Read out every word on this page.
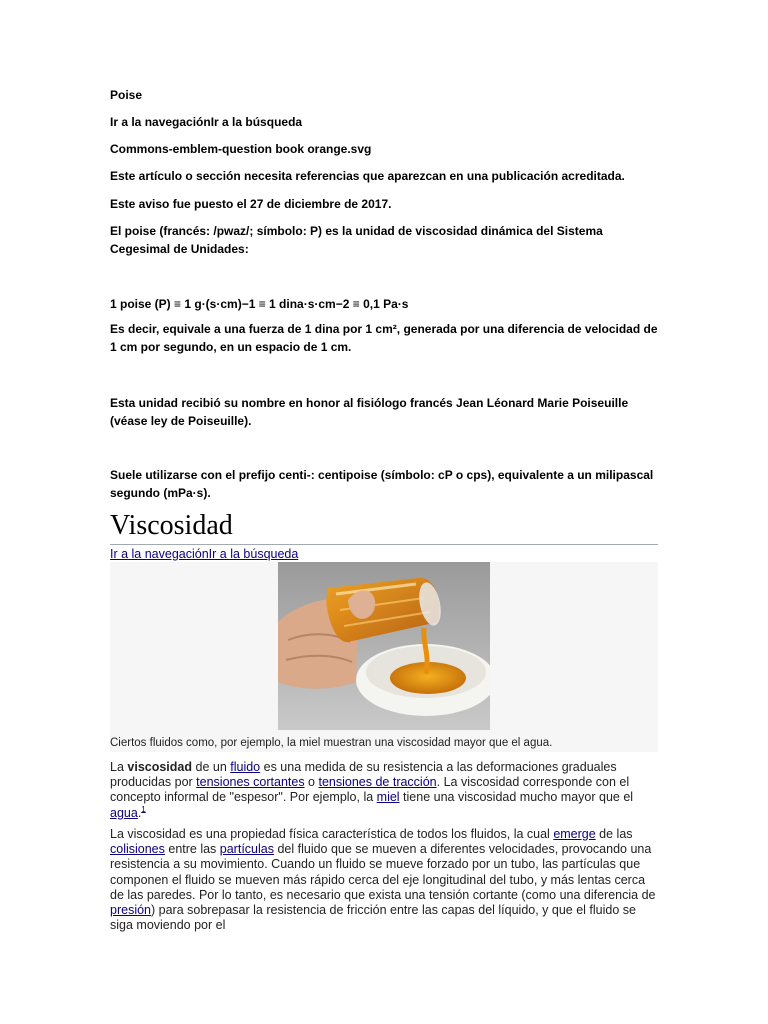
Poise
Ir a la navegaciónIr a la búsqueda
Commons-emblem-question book orange.svg
Este artículo o sección necesita referencias que aparezcan en una publicación acreditada.
Este aviso fue puesto el 27 de diciembre de 2017.
El poise (francés: /pwaz/; símbolo: P) es la unidad de viscosidad dinámica del Sistema Cegesimal de Unidades:
1 poise (P) ≡ 1 g·(s·cm)−1 ≡ 1 dina·s·cm−2 ≡ 0,1 Pa·s
Es decir, equivale a una fuerza de 1 dina por 1 cm², generada por una diferencia de velocidad de 1 cm por segundo, en un espacio de 1 cm.
Esta unidad recibió su nombre en honor al fisiólogo francés Jean Léonard Marie Poiseuille (véase ley de Poiseuille).
Suele utilizarse con el prefijo centi-: centipoise (símbolo: cP o cps), equivalente a un milipascal segundo (mPa·s).
Viscosidad
Ir a la navegaciónIr a la búsqueda
Ciertos fluidos como, por ejemplo, la miel muestran una viscosidad mayor que el agua.
La viscosidad de un fluido es una medida de su resistencia a las deformaciones graduales producidas por tensiones cortantes o tensiones de tracción. La viscosidad corresponde con el concepto informal de "espesor". Por ejemplo, la miel tiene una viscosidad mucho mayor que el agua.$^1$
La viscosidad es una propiedad física característica de todos los fluidos, la cual emerge de las colisiones entre las partículas del fluido que se mueven a diferentes velocidades, provocando una resistencia a su movimiento. Cuando un fluido se mueve forzado por un tubo, las partículas que componen el fluido se mueven más rápido cerca del eje longitudinal del tubo, y más lentas cerca de las paredes. Por lo tanto, es necesario que exista una tensión cortante (como una diferencia de presión) para sobrepasar la resistencia de fricción entre las capas del líquido, y que el fluido se siga moviendo por el
